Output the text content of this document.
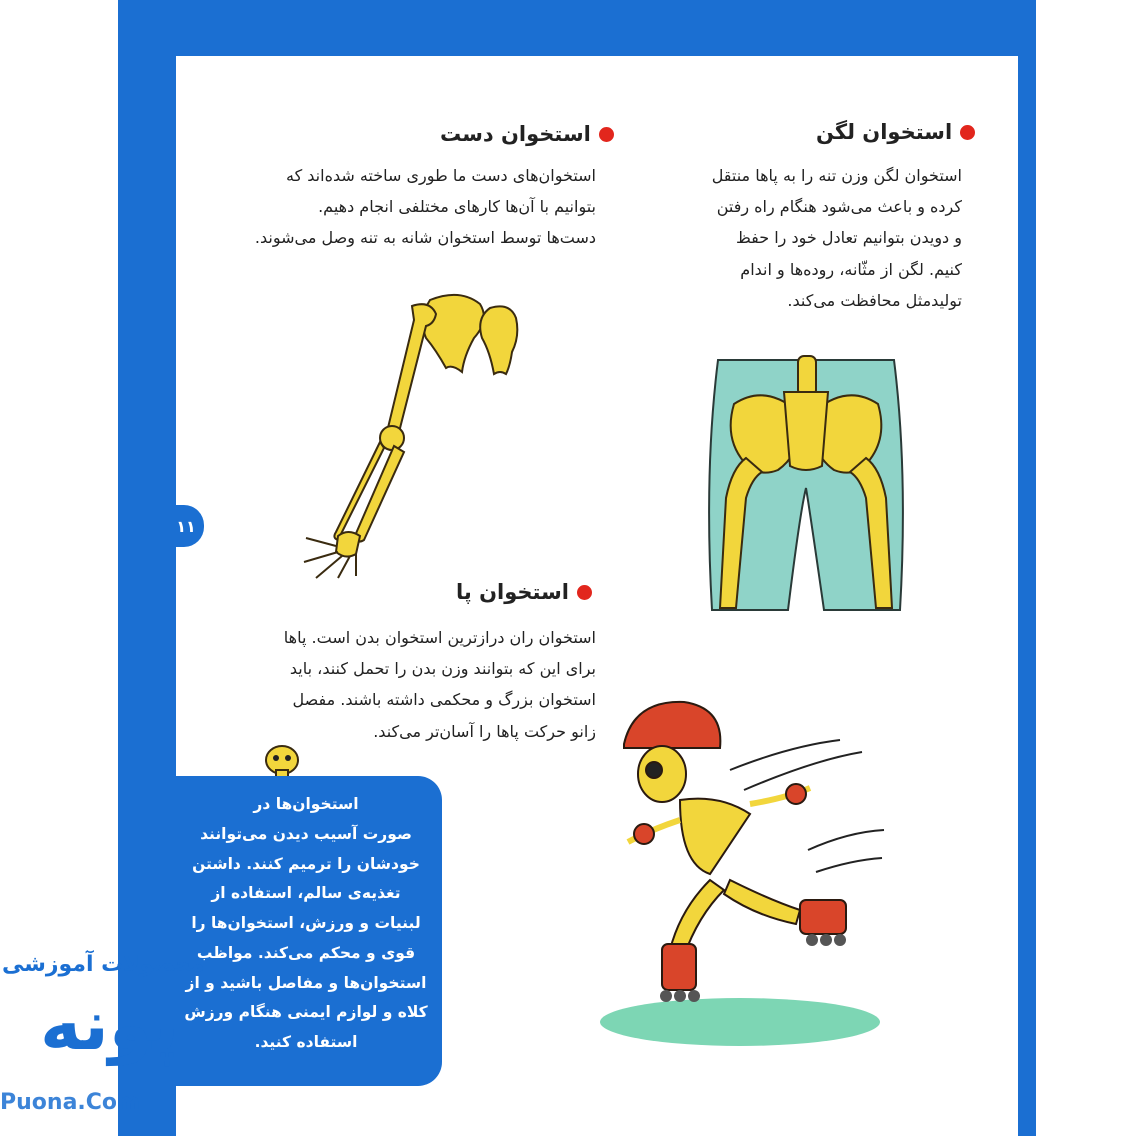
استخوان لگن
استخوان لگن وزن تنه را به پاها منتقل
کرده و باعث می‌شود هنگام راه رفتن
و دویدن بتوانیم تعادل خود را حفظ
کنیم. لگن از مثّانه، روده‌ها و اندام
تولیدمثل محافظت می‌کند.
استخوان دست
استخوان‌های دست ما طوری ساخته شده‌اند که
بتوانیم با آن‌ها کارهای مختلفی انجام دهیم.
دست‌ها توسط استخوان شانه به تنه وصل می‌شوند.
استخوان پا
استخوان ران درازترین استخوان بدن است. پاها
برای این که بتوانند وزن بدن را تحمل کنند، باید
استخوان بزرگ و محکمی داشته باشند. مفصل
زانو حرکت پاها را آسان‌تر می‌کند.
۱۱
استخوان‌ها در
صورت آسیب دیدن می‌توانند
خودشان را ترمیم کنند. داشتن
تغذیه‌ی سالم، استفاده از
لبنیات و ورزش، استخوان‌ها را
قوی و محکم می‌کند. مواظب
استخوان‌ها و مفاصل باشید و از
کلاه و لوازم ایمنی هنگام ورزش
استفاده کنید.
محصولات آموزشی
پونه
Puona.Com
